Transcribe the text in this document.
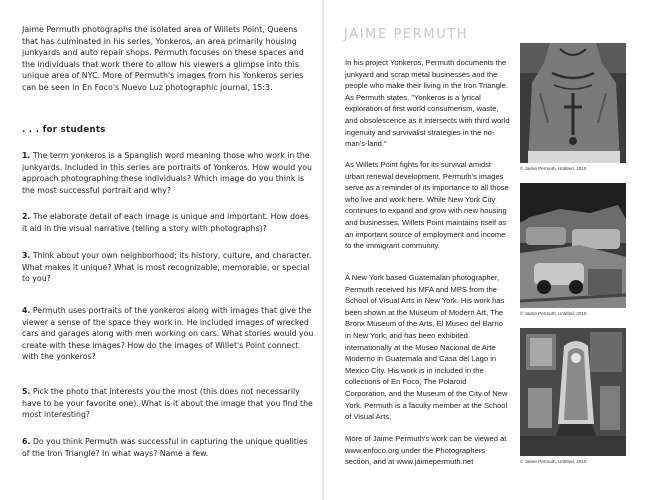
Jaime Permuth photographs the isolated area of Willets Point, Queens that has culminated in his series, Yonkeros, an area primarily housing junkyards and auto repair shops. Permuth focuses on these spaces and the individuals that work there to allow his viewers a glimpse into this unique area of NYC. More of Permuth's images from his Yonkeros series can be seen in En Foco's Nuevo Luz photographic journal, 15:3.
. . . for students
1. The term yonkeros is a Spanglish word meaning those who work in the junkyards. Included in this series are portraits of Yonkeros. How would you approach photographing these individuals? Which image do you think is the most successful portrait and why?
2. The elaborate detail of each image is unique and important. How does it aid in the visual narrative (telling a story with photographs)?
3. Think about your own neighborhood; its history, culture, and character. What makes it unique? What is most recognizable, memorable, or special to you?
4. Permuth uses portraits of the yonkeros along with images that give the viewer a sense of the space they work in. He included images of wrecked cars and garages along with men working on cars. What stories would you create with these images? How do the images of Willet's Point connect with the yonkeros?
5. Pick the photo that interests you the most (this does not necessarily have to be your favorite one). What is it about the image that you find the most interesting?
6. Do you think Permuth was successful in capturing the unique qualities of the Iron Triangle? In what ways? Name a few.
JAIME PERMUTH
In his project Yonkeros, Permuth documents the junkyard and scrap metal businesses and the people who make their living in the Iron Triangle. As Permuth states, "Yonkeros is a lyrical exploration of first world consumerism, waste, and obsolescence as it intersects with third world ingenuity and survivalist strategies in the no-man's-land."
As Willets Point fights for its survival amidst urban renewal development, Permuth's images serve as a reminder of its importance to all those who live and work here. While New York City continues to expand and grow with new housing and businesses, Willets Point maintains itself as an important source of employment and income to the immigrant community.
A New York based Guatemalan photographer, Permuth received his MFA and MPS from the School of Visual Arts in New York. His work has been shown at the Museum of Modern Art, The Bronx Museum of the Arts, El Museo del Barrio in New York; and has been exhibited internationally at the Museo Nacional de Arte Moderno in Guatemala and Casa del Lago in Mexico City. His work is in included in the collections of En Foco, The Polaroid Corporation, and the Museum of the City of New York. Permuth is a faculty member at the School of Visual Arts.
More of Jaime Permuth's work can be viewed at www.enfoco.org under the Photographers section, and at www.jaimepermuth.net
© Jaime Permuth, Untitled, 2010
© Jaime Permuth, Untitled, 2010
© Jaime Permuth, Untitled, 2010
